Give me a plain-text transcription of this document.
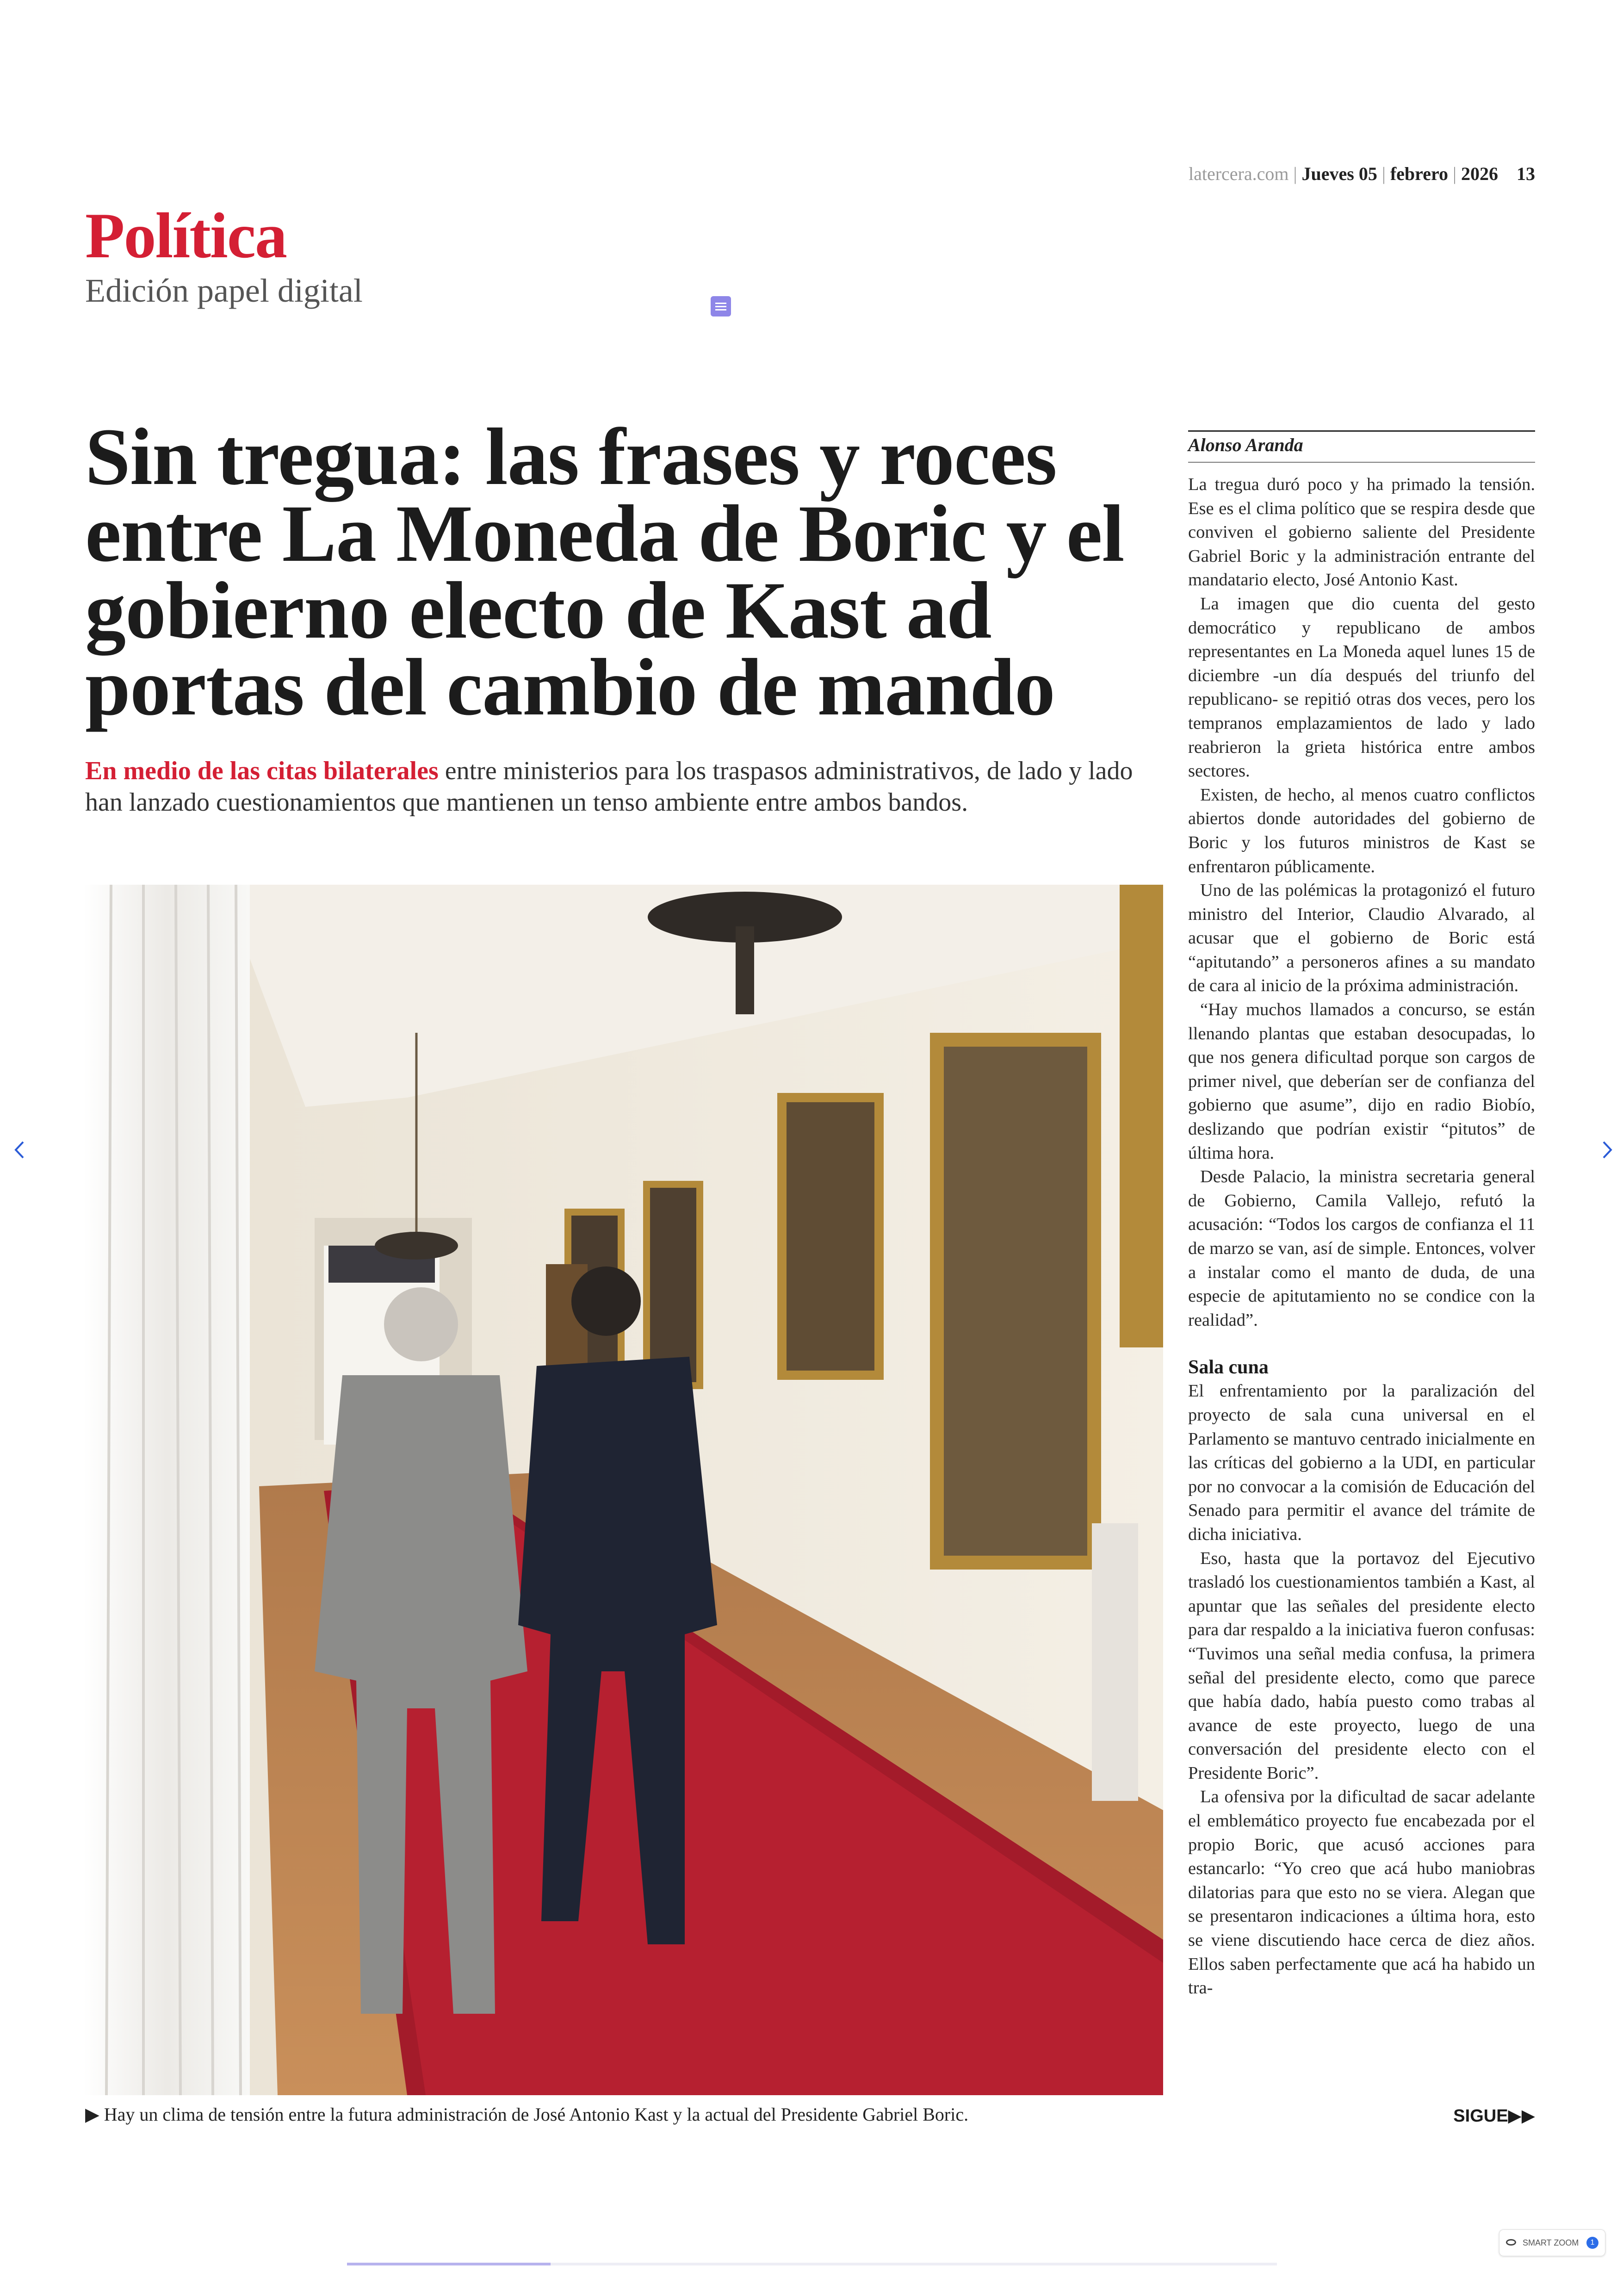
latercera.com | Jueves 05 | febrero | 2026 13
Política
Edición papel digital
Sin tregua: las frases y roces entre La Moneda de Boric y el gobierno electo de Kast ad portas del cambio de mando
En medio de las citas bilaterales entre ministerios para los traspasos administrativos, de lado y lado han lanzado cuestionamientos que mantienen un tenso ambiente entre ambos bandos.
▶ Hay un clima de tensión entre la futura administración de José Antonio Kast y la actual del Presidente Gabriel Boric.
Alonso Aranda

La tregua duró poco y ha primado la tensión. Ese es el clima político que se respira desde que conviven el gobierno saliente del Presidente Gabriel Boric y la administración entrante del mandatario electo, José Antonio Kast.

La imagen que dio cuenta del gesto democrático y republicano de ambos representantes en La Moneda aquel lunes 15 de diciembre -un día después del triunfo del republicano- se repitió otras dos veces, pero los tempranos emplazamientos de lado y lado reabrieron la grieta histórica entre ambos sectores.

Existen, de hecho, al menos cuatro conflictos abiertos donde autoridades del gobierno de Boric y los futuros ministros de Kast se enfrentaron públicamente.

Uno de las polémicas la protagonizó el futuro ministro del Interior, Claudio Alvarado, al acusar que el gobierno de Boric está “apitutando” a personeros afines a su mandato de cara al inicio de la próxima administración.

“Hay muchos llamados a concurso, se están llenando plantas que estaban desocupadas, lo que nos genera dificultad porque son cargos de primer nivel, que deberían ser de confianza del gobierno que asume”, dijo en radio Biobío, deslizando que podrían existir “pitutos” de última hora.

Desde Palacio, la ministra secretaria general de Gobierno, Camila Vallejo, refutó la acusación: “Todos los cargos de confianza el 11 de marzo se van, así de simple. Entonces, volver a instalar como el manto de duda, de una especie de apitutamiento no se condice con la realidad”.

Sala cuna

El enfrentamiento por la paralización del proyecto de sala cuna universal en el Parlamento se mantuvo centrado inicialmente en las críticas del gobierno a la UDI, en particular por no convocar a la comisión de Educación del Senado para permitir el avance del trámite de dicha iniciativa.

Eso, hasta que la portavoz del Ejecutivo trasladó los cuestionamientos también a Kast, al apuntar que las señales del presidente electo para dar respaldo a la iniciativa fueron confusas: “Tuvimos una señal media confusa, la primera señal del presidente electo, como que parece que había dado, había puesto como trabas al avance de este proyecto, luego de una conversación del presidente electo con el Presidente Boric”.

La ofensiva por la dificultad de sacar adelante el emblemático proyecto fue encabezada por el propio Boric, que acusó acciones para estancarlo: “Yo creo que acá hubo maniobras dilatorias para que esto no se viera. Alegan que se presentaron indicaciones a última hora, esto se viene discutiendo hace cerca de diez años. Ellos saben perfectamente que acá ha habido un tra-

SIGUE▶▶
SMART ZOOM	1
